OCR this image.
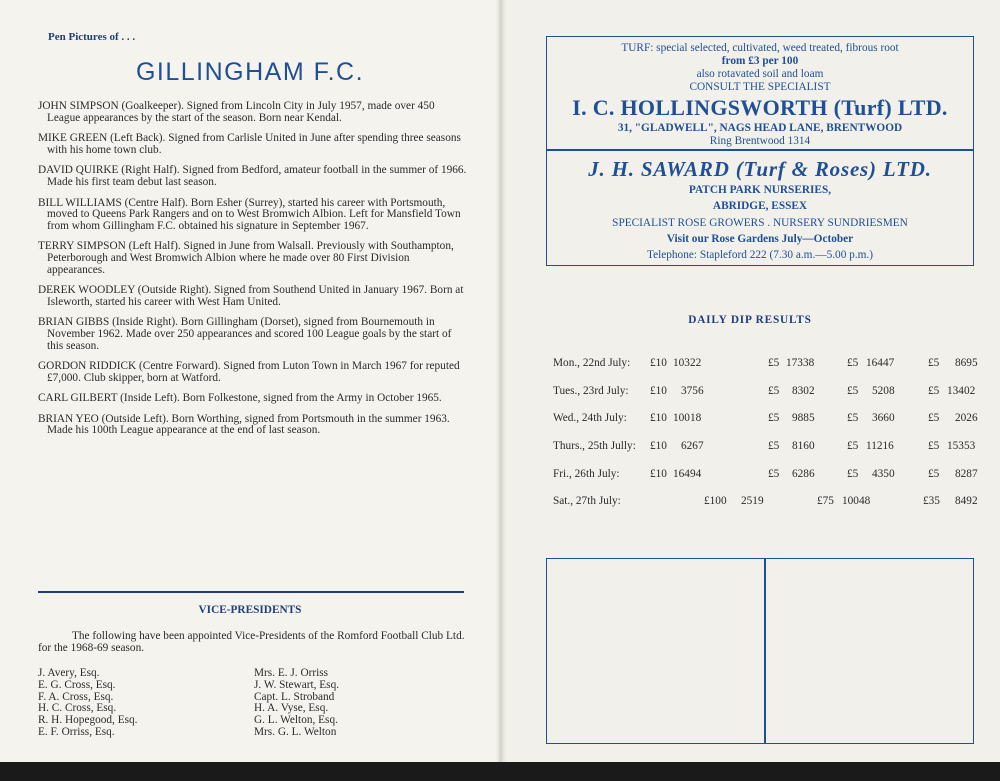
Pen Pictures of . . .
GILLINGHAM F.C.
JOHN SIMPSON (Goalkeeper). Signed from Lincoln City in July 1957, made over 450 League appearances by the start of the season. Born near Kendal.
MIKE GREEN (Left Back). Signed from Carlisle United in June after spending three seasons with his home town club.
DAVID QUIRKE (Right Half). Signed from Bedford, amateur football in the summer of 1966. Made his first team debut last season.
BILL WILLIAMS (Centre Half). Born Esher (Surrey), started his career with Portsmouth, moved to Queens Park Rangers and on to West Bromwich Albion. Left for Mansfield Town from whom Gillingham F.C. obtained his signature in September 1967.
TERRY SIMPSON (Left Half). Signed in June from Walsall. Previously with Southampton, Peterborough and West Bromwich Albion where he made over 80 First Division appearances.
DEREK WOODLEY (Outside Right). Signed from Southend United in January 1967. Born at Isleworth, started his career with West Ham United.
BRIAN GIBBS (Inside Right). Born Gillingham (Dorset), signed from Bournemouth in November 1962. Made over 250 appearances and scored 100 League goals by the start of this season.
GORDON RIDDICK (Centre Forward). Signed from Luton Town in March 1967 for reputed £7,000. Club skipper, born at Watford.
CARL GILBERT (Inside Left). Born Folkestone, signed from the Army in October 1965.
BRIAN YEO (Outside Left). Born Worthing, signed from Portsmouth in the summer 1963. Made his 100th League appearance at the end of last season.
VICE-PRESIDENTS

The following have been appointed Vice-Presidents of the Romford Football Club Ltd. for the 1968-69 season.

J. Avery, Esq.
E. G. Cross, Esq.
F. A. Cross, Esq.
H. C. Cross, Esq.
R. H. Hopegood, Esq.
E. F. Orriss, Esq.
Mrs. E. J. Orriss
J. W. Stewart, Esq.
Capt. L. Stroband
H. A. Vyse, Esq.
G. L. Welton, Esq.
Mrs. G. L. Welton
TURF: special selected, cultivated, weed treated, fibrous root
from £3 per 100
also rotavated soil and loam
CONSULT THE SPECIALIST
I. C. HOLLINGSWORTH (Turf) LTD.
31, "GLADWELL", NAGS HEAD LANE, BRENTWOOD
Ring Brentwood 1314
J. H. SAWARD (Turf & Roses) LTD.
PATCH PARK NURSERIES,
ABRIDGE, ESSEX
SPECIALIST ROSE GROWERS . NURSERY SUNDRIESMEN
Visit our Rose Gardens July—October
Telephone: Stapleford 222 (7.30 a.m.—5.00 p.m.)
DAILY DIP RESULTS
Mon., 22nd July: £10 10322	£5 17338	£5 16447	£5 8695
Tues., 23rd July: £10 3756	£5 8302	£5 5208	£5 13402
Wed., 24th July: £10 10018	£5 9885	£5 3660	£5 2026
Thurs., 25th Jully: £10 6267	£5 8160	£5 11216	£5 15353
Fri., 26th July:	£10 16494	£5 6286	£5 4350	£5 8287
Sat., 27th July:	£100 2519	£75 10048	£35 8492
